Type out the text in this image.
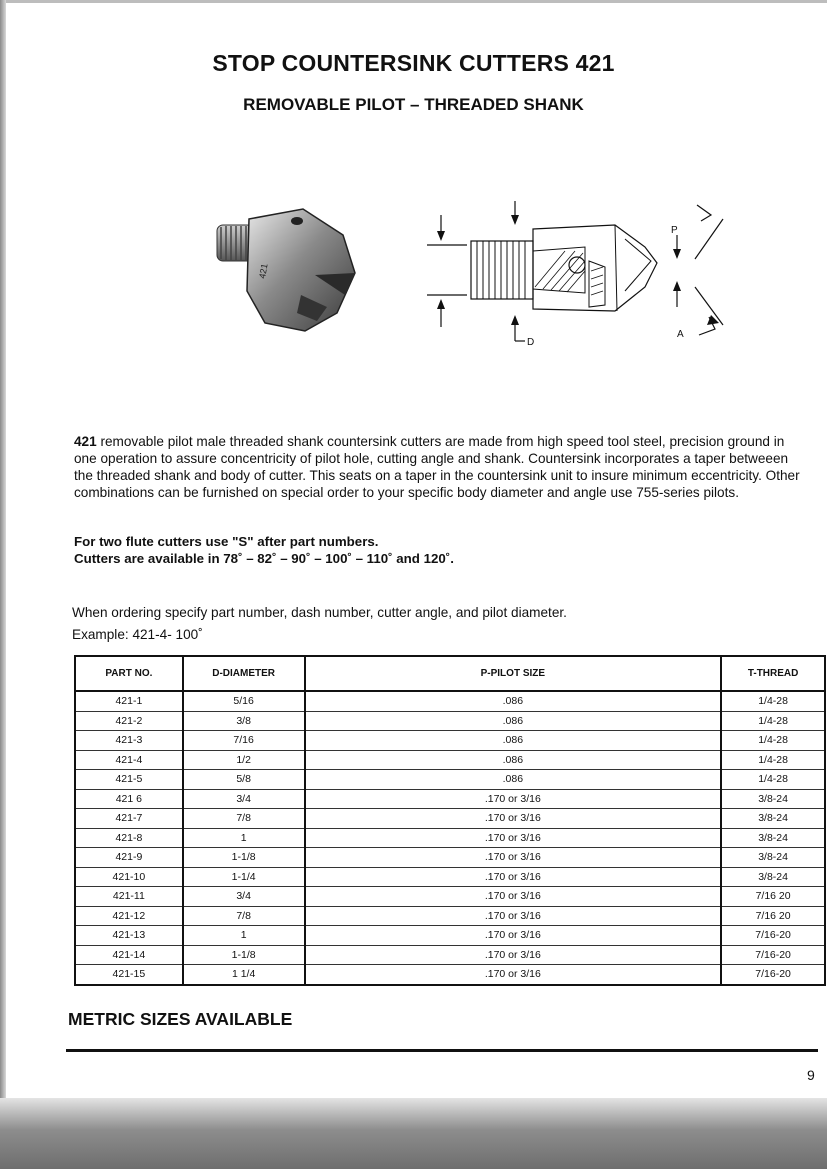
STOP COUNTERSINK CUTTERS 421
REMOVABLE PILOT – THREADED SHANK
421
P
D
A
421 removable pilot male threaded shank countersink cutters are made from high speed tool steel, precision ground in one operation to assure concentricity of pilot hole, cutting angle and shank. Countersink incorporates a taper betweeen the threaded shank and body of cutter. This seats on a taper in the countersink unit to insure minimum eccentricity. Other combinations can be furnished on special order to your specific body diameter and angle use 755-series pilots.
For two flute cutters use "S" after part numbers.
Cutters are available in 78˚ – 82˚ – 90˚ – 100˚ – 110˚ and 120˚.
When ordering specify part number, dash number, cutter angle, and pilot diameter.
Example: 421-4- 100˚
PART NO.	D-DIAMETER	P-PILOT SIZE	T-THREAD
421-1	5/16	.086	1/4-28
421-2	3/8	.086	1/4-28
421-3	7/16	.086	1/4-28
421-4	1/2	.086	1/4-28
421-5	5/8	.086	1/4-28
421 6	3/4	.170 or 3/16	3/8-24
421-7	7/8	.170 or 3/16	3/8-24
421-8	1	.170 or 3/16	3/8-24
421-9	1-1/8	.170 or 3/16	3/8-24
421-10	1-1/4	.170 or 3/16	3/8-24
421-11	3/4	.170 or 3/16	7/16 20
421-12	7/8	.170 or 3/16	7/16 20
421-13	1	.170 or 3/16	7/16-20
421-14	1-1/8	.170 or 3/16	7/16-20
421-15	1 1/4	.170 or 3/16	7/16-20
METRIC SIZES AVAILABLE
9
